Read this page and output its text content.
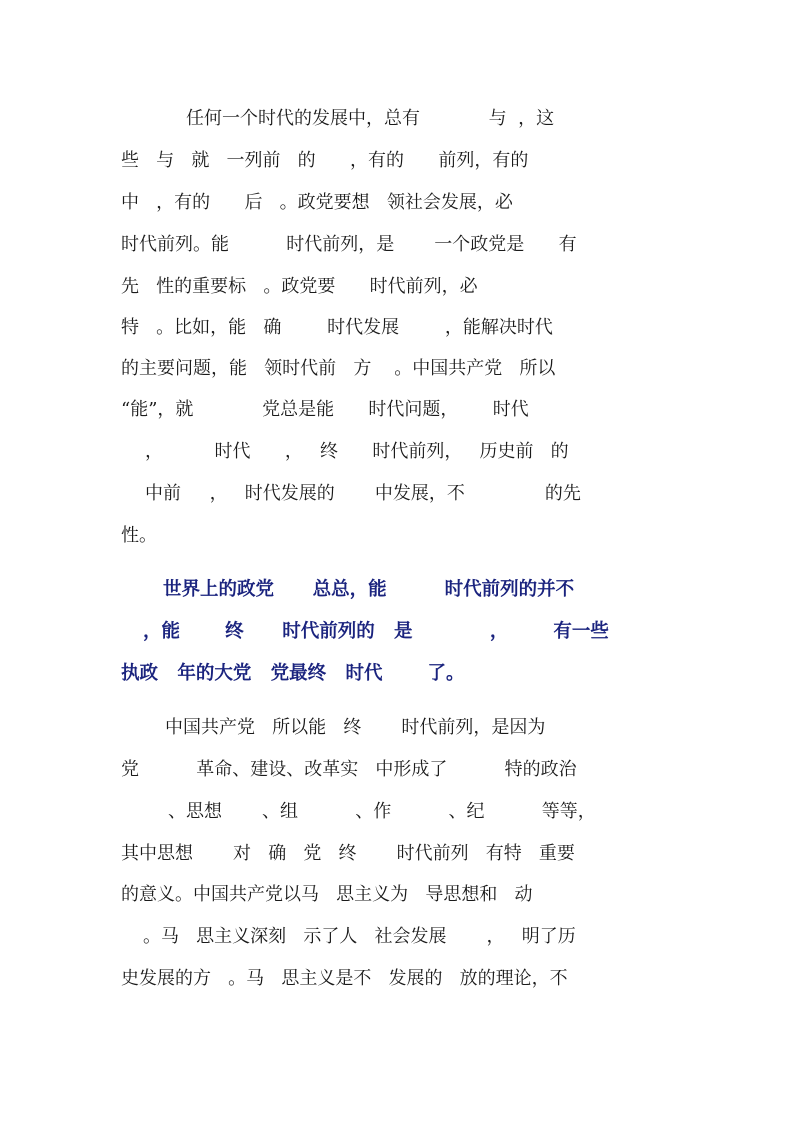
任何一个时代的发展中，总有            与  ，这
些   与   就   一列前   的      ，有的      前列，有的
中   ，有的      后   。政党要想   领社会发展，必
时代前列。能          时代前列，是       一个政党是      有
先   性的重要标   。政党要      时代前列，必
特   。比如，能   确        时代发展        ，能解决时代
的主要问题，能   领时代前   方    。中国共产党   所以
“能”，就            党总是能      时代问题，      时代
，         时代      ，   终      时代前列，   历史前   的
中前     ，   时代发展的       中发展，不              的先
性。
世界上的政党      总总，能         时代前列的并不
，能       终      时代前列的   是            ，       有一些
执政   年的大党   党最终   时代       了。
中国共产党   所以能   终       时代前列，是因为
党          革命、建设、改革实   中形成了          特的政治
、思想       、组          、作          、纪          等等，
其中思想       对   确   党   终       时代前列   有特   重要
的意义。中国共产党以马   思主义为   导思想和   动
。马   思主义深刻   示了人   社会发展       ，   明了历
史发展的方   。马   思主义是不   发展的   放的理论，不
